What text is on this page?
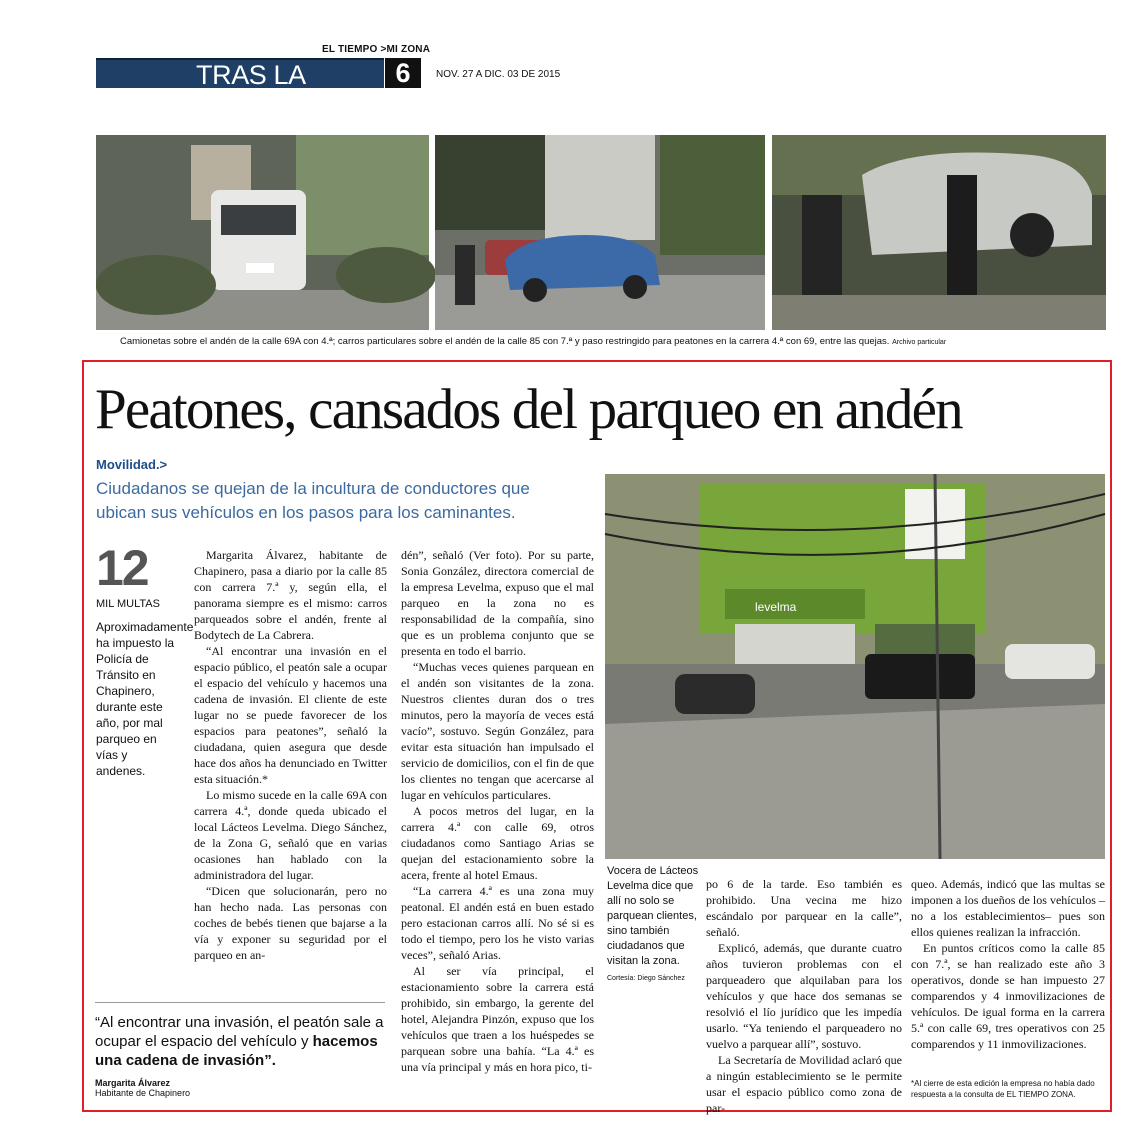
EL TIEMPO >MI ZONA
TRAS LA PISTA
6	NOV. 27 A DIC. 03 DE 2015
Camionetas sobre el andén de la calle 69A con 4.ª; carros particulares sobre el andén de la calle 85 con 7.ª y paso restringido para peatones en la carrera 4.ª con 69, entre las quejas. Archivo particular
Peatones, cansados del parqueo en andén
Movilidad.>
Ciudadanos se quejan de la incultura de conductores que ubican sus vehículos en los pasos para los caminantes.
12
MIL MULTAS
Aproximadamente ha impuesto la Policía de Tránsito en Chapinero, durante este año, por mal parqueo en vías y andenes.

Margarita Álvarez, habitante de Chapinero, pasa a diario por la calle 85 con carrera 7.ª y, según ella, el panorama siempre es el mismo: carros parqueados sobre el andén, frente al Bodytech de La Cabrera.

“Al encontrar una invasión en el espacio público, el peatón sale a ocupar el espacio del vehículo y hacemos una cadena de invasión. El cliente de este lugar no se puede favorecer de los espacios para peatones”, señaló la ciudadana, quien asegura que desde hace dos años ha denunciado en Twitter esta situación.*

Lo mismo sucede en la calle 69A con carrera 4.ª, donde queda ubicado el local Lácteos Levelma. Diego Sánchez, de la Zona G, señaló que en varias ocasiones han hablado con la administradora del lugar.

“Dicen que solucionarán, pero no han hecho nada. Las personas con coches de bebés tienen que bajarse a la vía y exponer su seguridad por el parqueo en an-

dén”, señaló (Ver foto). Por su parte, Sonia González, directora comercial de la empresa Levelma, expuso que el mal parqueo en la zona no es responsabilidad de la compañía, sino que es un problema conjunto que se presenta en todo el barrio.

“Muchas veces quienes parquean en el andén son visitantes de la zona. Nuestros clientes duran dos o tres minutos, pero la mayoría de veces está vacío”, sostuvo. Según González, para evitar esta situación han impulsado el servicio de domicilios, con el fin de que los clientes no tengan que acercarse al lugar en vehículos particulares.

A pocos metros del lugar, en la carrera 4.ª con calle 69, otros ciudadanos como Santiago Arias se quejan del estacionamiento sobre la acera, frente al hotel Emaus.

“La carrera 4.ª es una zona muy peatonal. El andén está en buen estado pero estacionan carros allí. No sé si es todo el tiempo, pero los he visto varias veces”, señaló Arias.

Al ser vía principal, el estacionamiento sobre la carrera está prohibido, sin embargo, la gerente del hotel, Alejandra Pinzón, expuso que los vehículos que traen a los huéspedes se parquean sobre una bahía. “La 4.ª es una vía principal y más en hora pico, ti-

levelma
Vocera de Lácteos Levelma dice que allí no solo se parquean clientes, sino también ciudadanos que visitan la zona.
Cortesía: Diego Sánchez

po 6 de la tarde. Eso también es prohibido. Una vecina me hizo escándalo por parquear en la calle”, señaló.

Explicó, además, que durante cuatro años tuvieron problemas con el parqueadero que alquilaban para los vehículos y que hace dos semanas se resolvió el lío jurídico que les impedía usarlo. “Ya teniendo el parqueadero no vuelvo a parquear allí”, sostuvo.

La Secretaría de Movilidad aclaró que a ningún establecimiento se le permite usar el espacio público como zona de par-

queo. Además, indicó que las multas se imponen a los dueños de los vehículos –no a los establecimientos– pues son ellos quienes realizan la infracción.

En puntos críticos como la calle 85 con 7.ª, se han realizado este año 3 operativos, donde se han impuesto 27 comparendos y 4 inmovilizaciones de vehículos. De igual forma en la carrera 5.ª con calle 69, tres operativos con 25 comparendos y 11 inmovilizaciones.

“Al encontrar una invasión, el peatón sale a ocupar el espacio del vehículo y hacemos una cadena de invasión”.
Margarita Álvarez
Habitante de Chapinero
*Al cierre de esta edición la empresa no había dado respuesta a la consulta de EL TIEMPO ZONA.
